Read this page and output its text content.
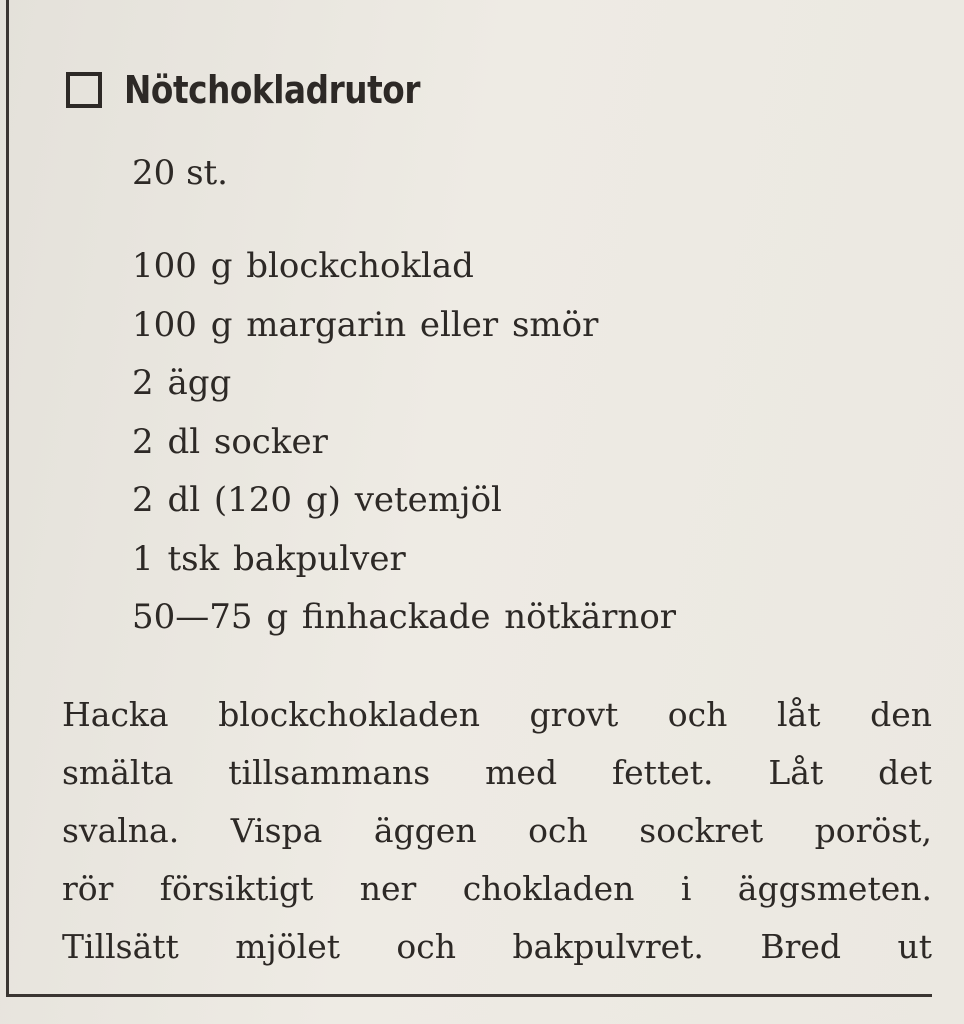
Nötchokladrutor
20 st.
100 g blockchoklad
100 g margarin eller smör
2 ägg
2 dl socker
2 dl (120 g) vetemjöl
1 tsk bakpulver
50—75 g finhackade nötkärnor
Hacka blockchokladen grovt och låt den
smälta tillsammans med fettet. Låt det
svalna. Vispa äggen och sockret poröst,
rör försiktigt ner chokladen i äggsmeten.
Tillsätt mjölet och bakpulvret. Bred ut
